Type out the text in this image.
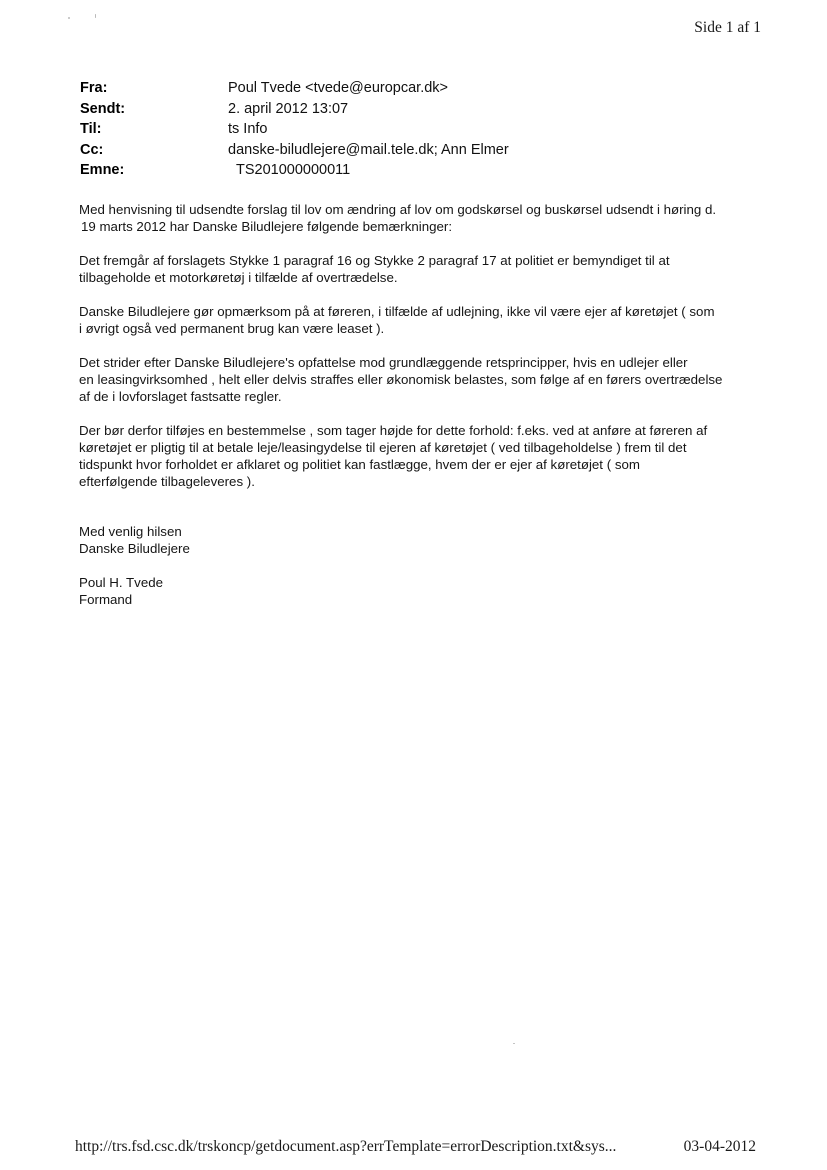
Side 1 af 1
Fra:	Poul Tvede <tvede@europcar.dk>
Sendt:	2. april 2012 13:07
Til:	ts Info
Cc:	danske-biludlejere@mail.tele.dk; Ann Elmer
Emne:	TS201000000011
Med henvisning til udsendte forslag til lov om ændring af lov om godskørsel og buskørsel udsendt i høring d.
19 marts 2012 har Danske Biludlejere følgende bemærkninger:
Det fremgår af forslagets Stykke 1 paragraf 16 og Stykke 2 paragraf 17 at politiet er bemyndiget til at
tilbageholde et motorkøretøj i tilfælde af overtrædelse.
Danske Biludlejere gør opmærksom på at føreren, i tilfælde af udlejning, ikke vil være ejer af køretøjet ( som
i øvrigt også ved permanent brug kan være leaset ).
Det strider efter Danske Biludlejere's opfattelse mod grundlæggende retsprincipper, hvis en udlejer eller
en leasingvirksomhed , helt eller delvis straffes eller økonomisk belastes, som følge af en førers overtrædelse
af de i lovforslaget fastsatte regler.
Der bør derfor tilføjes en bestemmelse , som tager højde for dette forhold: f.eks. ved at anføre at føreren af
køretøjet er pligtig til at betale leje/leasingydelse til ejeren af køretøjet ( ved tilbageholdelse ) frem til det
tidspunkt hvor forholdet er afklaret og politiet kan fastlægge, hvem der er ejer af køretøjet ( som
efterfølgende tilbageleveres ).
Med venlig hilsen
Danske Biludlejere
Poul H. Tvede
Formand
http://trs.fsd.csc.dk/trskoncp/getdocument.asp?errTemplate=errorDescription.txt&sys...	03-04-2012
